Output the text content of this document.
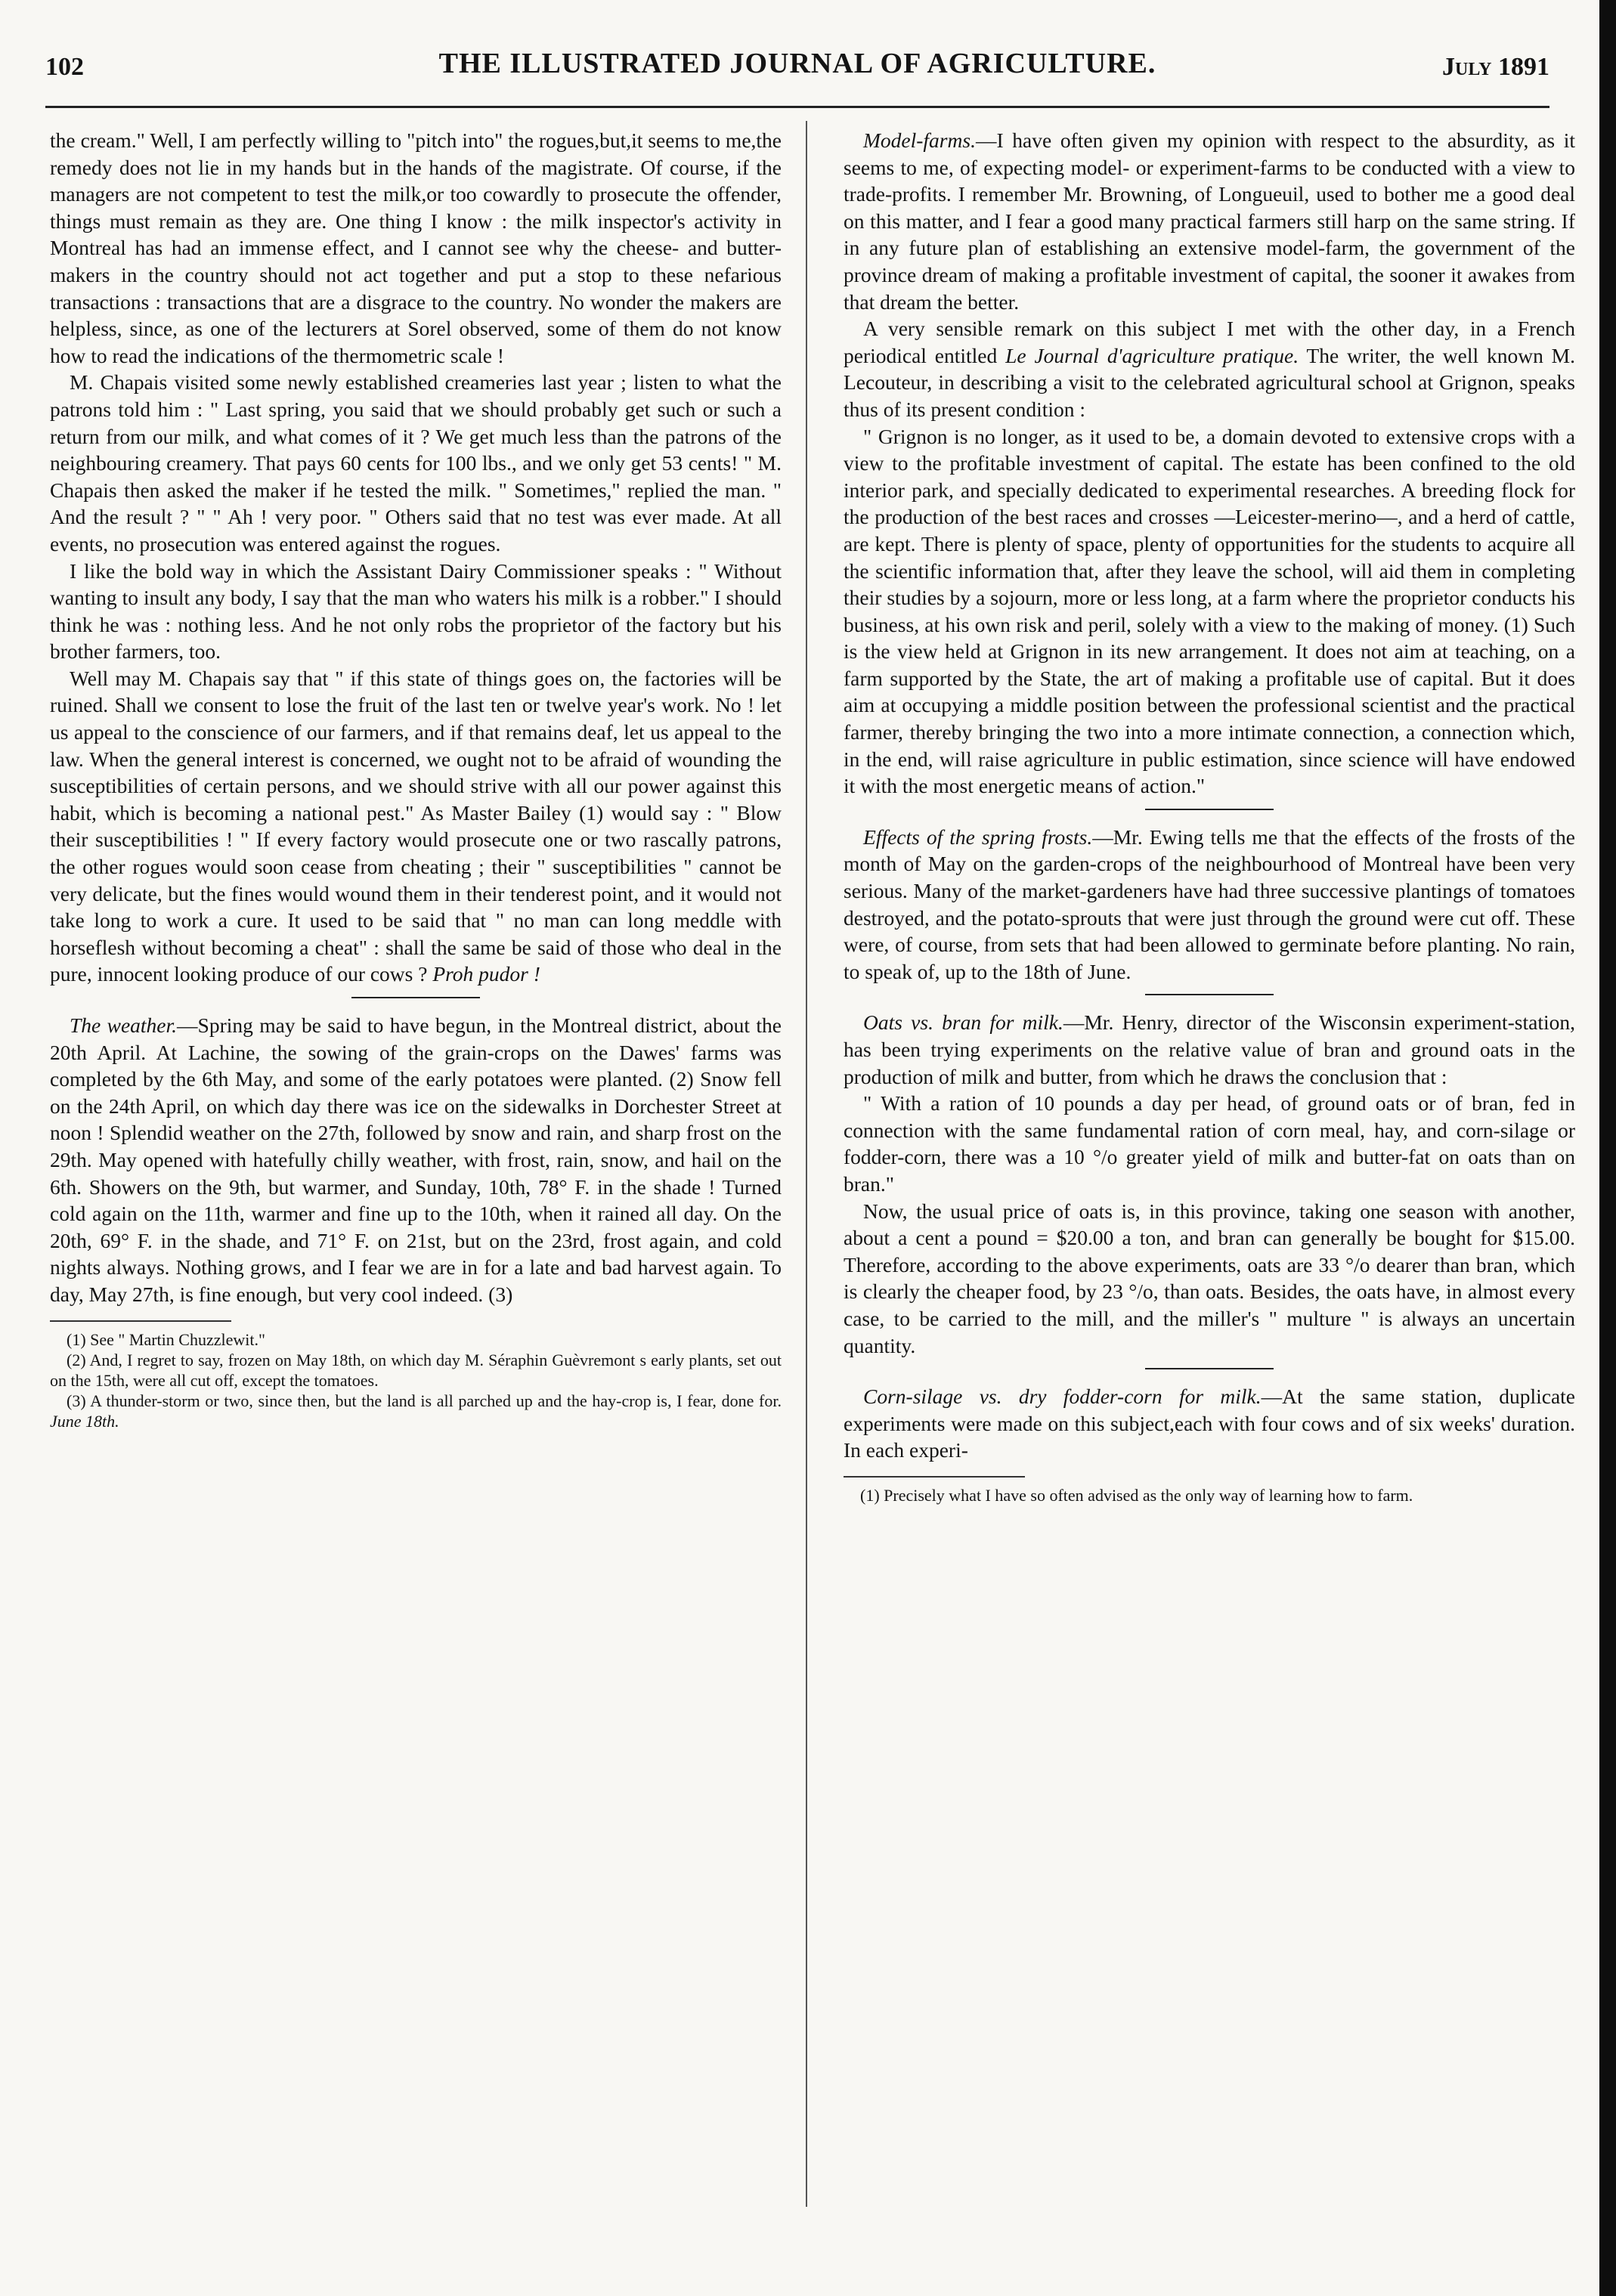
102	THE ILLUSTRATED JOURNAL OF AGRICULTURE.	July 1891

the cream." Well, I am perfectly willing to "pitch into" the rogues,but,it seems to me,the remedy does not lie in my hands but in the hands of the magistrate. Of course, if the managers are not competent to test the milk,or too cowardly to prosecute the offender, things must remain as they are. One thing I know : the milk inspector's activity in Montreal has had an immense effect, and I cannot see why the cheese- and butter-makers in the country should not act together and put a stop to these nefarious transactions : transactions that are a disgrace to the country. No wonder the makers are helpless, since, as one of the lecturers at Sorel observed, some of them do not know how to read the indications of the thermometric scale !

M. Chapais visited some newly established creameries last year ; listen to what the patrons told him : " Last spring, you said that we should probably get such or such a return from our milk, and what comes of it ? We get much less than the patrons of the neighbouring creamery. That pays 60 cents for 100 lbs., and we only get 53 cents! " M. Chapais then asked the maker if he tested the milk. " Sometimes," replied the man. " And the result ? " " Ah ! very poor. " Others said that no test was ever made. At all events, no prosecution was entered against the rogues.

I like the bold way in which the Assistant Dairy Commissioner speaks : " Without wanting to insult any body, I say that the man who waters his milk is a robber." I should think he was : nothing less. And he not only robs the proprietor of the factory but his brother farmers, too.

Well may M. Chapais say that " if this state of things goes on, the factories will be ruined. Shall we consent to lose the fruit of the last ten or twelve year's work. No ! let us appeal to the conscience of our farmers, and if that remains deaf, let us appeal to the law. When the general interest is concerned, we ought not to be afraid of wounding the susceptibilities of certain persons, and we should strive with all our power against this habit, which is becoming a national pest." As Master Bailey (1) would say : " Blow their susceptibilities ! " If every factory would prosecute one or two rascally patrons, the other rogues would soon cease from cheating ; their " susceptibilities " cannot be very delicate, but the fines would wound them in their tenderest point, and it would not take long to work a cure. It used to be said that " no man can long meddle with horseflesh without becoming a cheat" : shall the same be said of those who deal in the pure, innocent looking produce of our cows ? Proh pudor !

The weather.—Spring may be said to have begun, in the Montreal district, about the 20th April. At Lachine, the sowing of the grain-crops on the Dawes' farms was completed by the 6th May, and some of the early potatoes were planted. (2) Snow fell on the 24th April, on which day there was ice on the sidewalks in Dorchester Street at noon ! Splendid weather on the 27th, followed by snow and rain, and sharp frost on the 29th. May opened with hatefully chilly weather, with frost, rain, snow, and hail on the 6th. Showers on the 9th, but warmer, and Sunday, 10th, 78° F. in the shade ! Turned cold again on the 11th, warmer and fine up to the 10th, when it rained all day. On the 20th, 69° F. in the shade, and 71° F. on 21st, but on the 23rd, frost again, and cold nights always. Nothing grows, and I fear we are in for a late and bad harvest again. To day, May 27th, is fine enough, but very cool indeed. (3)

(1) See " Martin Chuzzlewit."

(2) And, I regret to say, frozen on May 18th, on which day M. Séraphin Guèvremont s early plants, set out on the 15th, were all cut off, except the tomatoes.

(3) A thunder-storm or two, since then, but the land is all parched up and the hay-crop is, I fear, done for. June 18th.

Model-farms.—I have often given my opinion with respect to the absurdity, as it seems to me, of expecting model- or experiment-farms to be conducted with a view to trade-profits. I remember Mr. Browning, of Longueuil, used to bother me a good deal on this matter, and I fear a good many practical farmers still harp on the same string. If in any future plan of establishing an extensive model-farm, the government of the province dream of making a profitable investment of capital, the sooner it awakes from that dream the better.

A very sensible remark on this subject I met with the other day, in a French periodical entitled Le Journal d'agriculture pratique. The writer, the well known M. Lecouteur, in describing a visit to the celebrated agricultural school at Grignon, speaks thus of its present condition :

" Grignon is no longer, as it used to be, a domain devoted to extensive crops with a view to the profitable investment of capital. The estate has been confined to the old interior park, and specially dedicated to experimental researches. A breeding flock for the production of the best races and crosses —Leicester-merino—, and a herd of cattle, are kept. There is plenty of space, plenty of opportunities for the students to acquire all the scientific information that, after they leave the school, will aid them in completing their studies by a sojourn, more or less long, at a farm where the proprietor conducts his business, at his own risk and peril, solely with a view to the making of money. (1) Such is the view held at Grignon in its new arrangement. It does not aim at teaching, on a farm supported by the State, the art of making a profitable use of capital. But it does aim at occupying a middle position between the professional scientist and the practical farmer, thereby bringing the two into a more intimate connection, a connection which, in the end, will raise agriculture in public estimation, since science will have endowed it with the most energetic means of action."

Effects of the spring frosts.—Mr. Ewing tells me that the effects of the frosts of the month of May on the garden-crops of the neighbourhood of Montreal have been very serious. Many of the market-gardeners have had three successive plantings of tomatoes destroyed, and the potato-sprouts that were just through the ground were cut off. These were, of course, from sets that had been allowed to germinate before planting. No rain, to speak of, up to the 18th of June.

Oats vs. bran for milk.—Mr. Henry, director of the Wisconsin experiment-station, has been trying experiments on the relative value of bran and ground oats in the production of milk and butter, from which he draws the conclusion that :

" With a ration of 10 pounds a day per head, of ground oats or of bran, fed in connection with the same fundamental ration of corn meal, hay, and corn-silage or fodder-corn, there was a 10 °/o greater yield of milk and butter-fat on oats than on bran."

Now, the usual price of oats is, in this province, taking one season with another, about a cent a pound = $20.00 a ton, and bran can generally be bought for $15.00. Therefore, according to the above experiments, oats are 33 °/o dearer than bran, which is clearly the cheaper food, by 23 °/o, than oats. Besides, the oats have, in almost every case, to be carried to the mill, and the miller's " multure " is always an uncertain quantity.

Corn-silage vs. dry fodder-corn for milk.—At the same station, duplicate experiments were made on this subject,each with four cows and of six weeks' duration. In each experi-

(1) Precisely what I have so often advised as the only way of learning how to farm.
